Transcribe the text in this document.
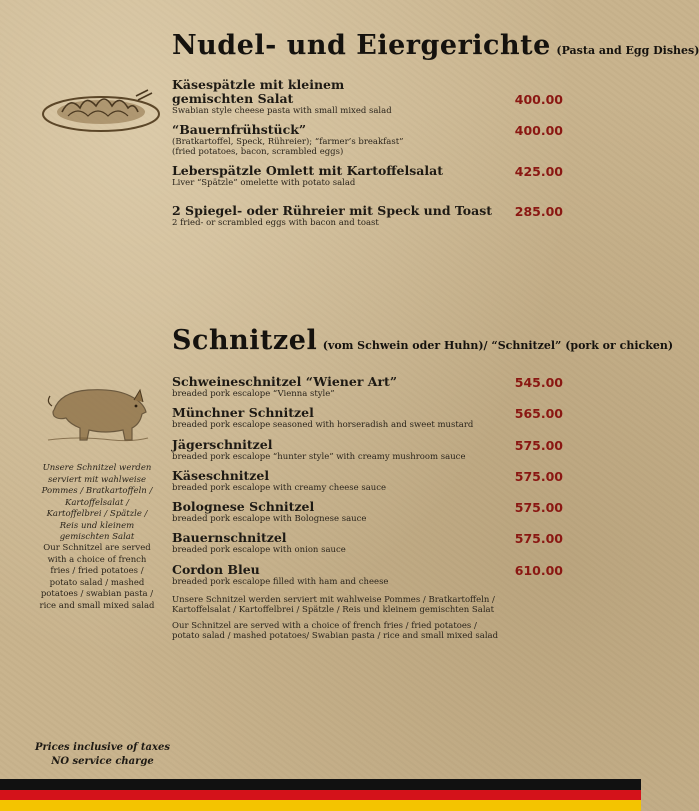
Nudel- und Eiergerichte (Pasta and Egg Dishes)
Käsespätzle mit kleinem gemischten Salat
Swabian style cheese pasta with small mixed salad
400.00
“Bauernfrühstück”
(Bratkartoffel, Speck, Rühreier); “farmer’s breakfast” (fried potatoes, bacon, scrambled eggs)
400.00
Leberspätzle Omlett mit Kartoffelsalat
Liver “Spätzle” omelette with potato salad
425.00
2 Spiegel- oder Rühreier mit Speck und Toast
2 fried- or scrambled eggs with bacon and toast
285.00
Schnitzel (vom Schwein oder Huhn)/ “Schnitzel” (pork or chicken)
Unsere Schnitzel werden serviert mit wahlweise Pommes / Bratkartoffeln / Kartoffelsalat / Kartoffelbrei / Spätzle / Reis und kleinem gemischten Salat
Our Schnitzel are served with a choice of french fries / fried potatoes / potato salad / mashed potatoes / swabian pasta / rice and small mixed salad
Schweineschnitzel “Wiener Art”
breaded pork escalope “Vienna style”
545.00
Münchner Schnitzel
breaded pork escalope seasoned with horseradish and sweet mustard
565.00
Jägerschnitzel
breaded pork escalope “hunter style” with creamy mushroom sauce
575.00
Käseschnitzel
breaded pork escalope with creamy cheese sauce
575.00
Bolognese Schnitzel
breaded pork escalope with Bolognese sauce
575.00
Bauernschnitzel
breaded pork escalope with onion sauce
575.00
Cordon Bleu
breaded pork escalope filled with ham and cheese
610.00
Unsere Schnitzel werden serviert mit wahlweise Pommes / Bratkartoffeln / Kartoffelsalat / Kartoffelbrei / Spätzle / Reis und kleinem gemischten Salat
Our Schnitzel are served with a choice of french fries / fried potatoes / potato salad / mashed potatoes/ Swabian pasta / rice and small mixed salad
Prices inclusive of taxes
NO service charge
